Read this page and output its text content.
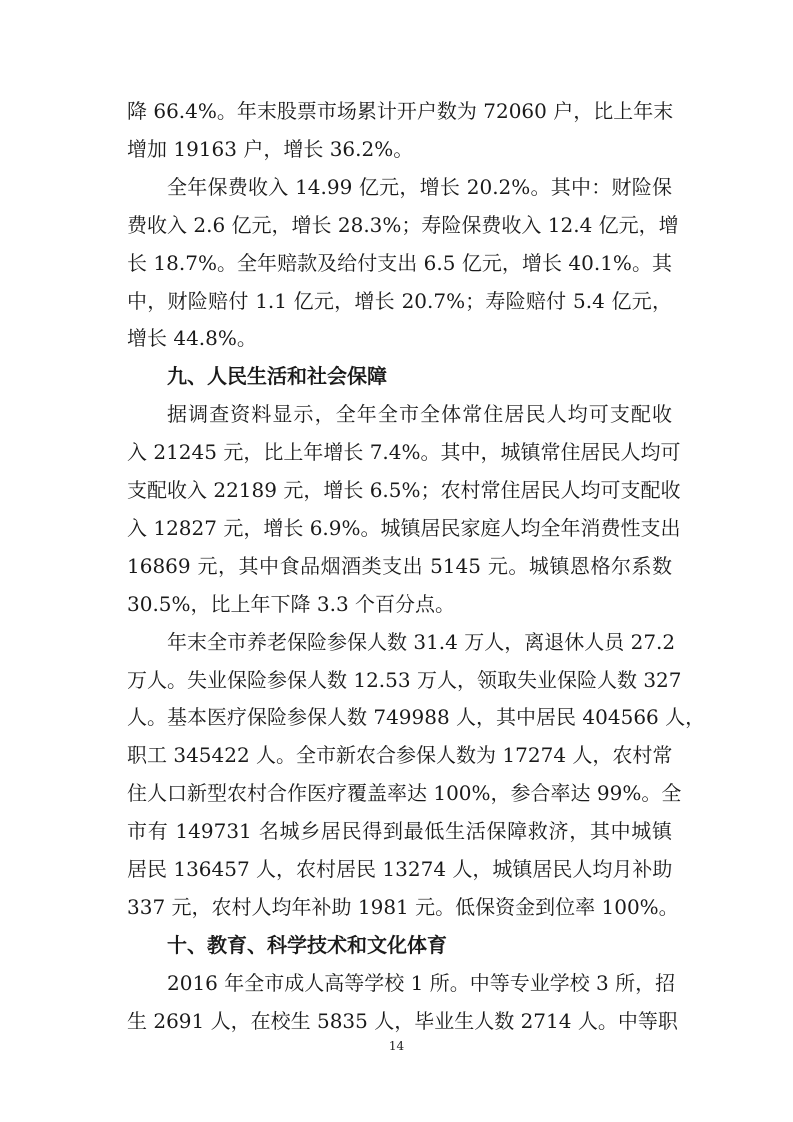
降 66.4%。年末股票市场累计开户数为 72060 户，比上年末
增加 19163 户，增长 36.2%。
全年保费收入 14.99 亿元，增长 20.2%。其中：财险保
费收入 2.6 亿元，增长 28.3%；寿险保费收入 12.4 亿元，增
长 18.7%。全年赔款及给付支出 6.5 亿元，增长 40.1%。其
中，财险赔付 1.1 亿元，增长 20.7%；寿险赔付 5.4 亿元，
增长 44.8%。
九、人民生活和社会保障
据调查资料显示，全年全市全体常住居民人均可支配收
入 21245 元，比上年增长 7.4%。其中，城镇常住居民人均可
支配收入 22189 元，增长 6.5%；农村常住居民人均可支配收
入 12827 元，增长 6.9%。城镇居民家庭人均全年消费性支出
16869 元，其中食品烟酒类支出 5145 元。城镇恩格尔系数
30.5%，比上年下降 3.3 个百分点。
年末全市养老保险参保人数 31.4 万人，离退休人员 27.2
万人。失业保险参保人数 12.53 万人，领取失业保险人数 327
人。基本医疗保险参保人数 749988 人，其中居民 404566 人，
职工 345422 人。全市新农合参保人数为 17274 人，农村常
住人口新型农村合作医疗覆盖率达 100%，参合率达 99%。全
市有 149731 名城乡居民得到最低生活保障救济，其中城镇
居民 136457 人，农村居民 13274 人，城镇居民人均月补助
337 元，农村人均年补助 1981 元。低保资金到位率 100%。
十、教育、科学技术和文化体育
2016 年全市成人高等学校 1 所。中等专业学校 3 所，招
生 2691 人，在校生 5835 人，毕业生人数 2714 人。中等职
14
